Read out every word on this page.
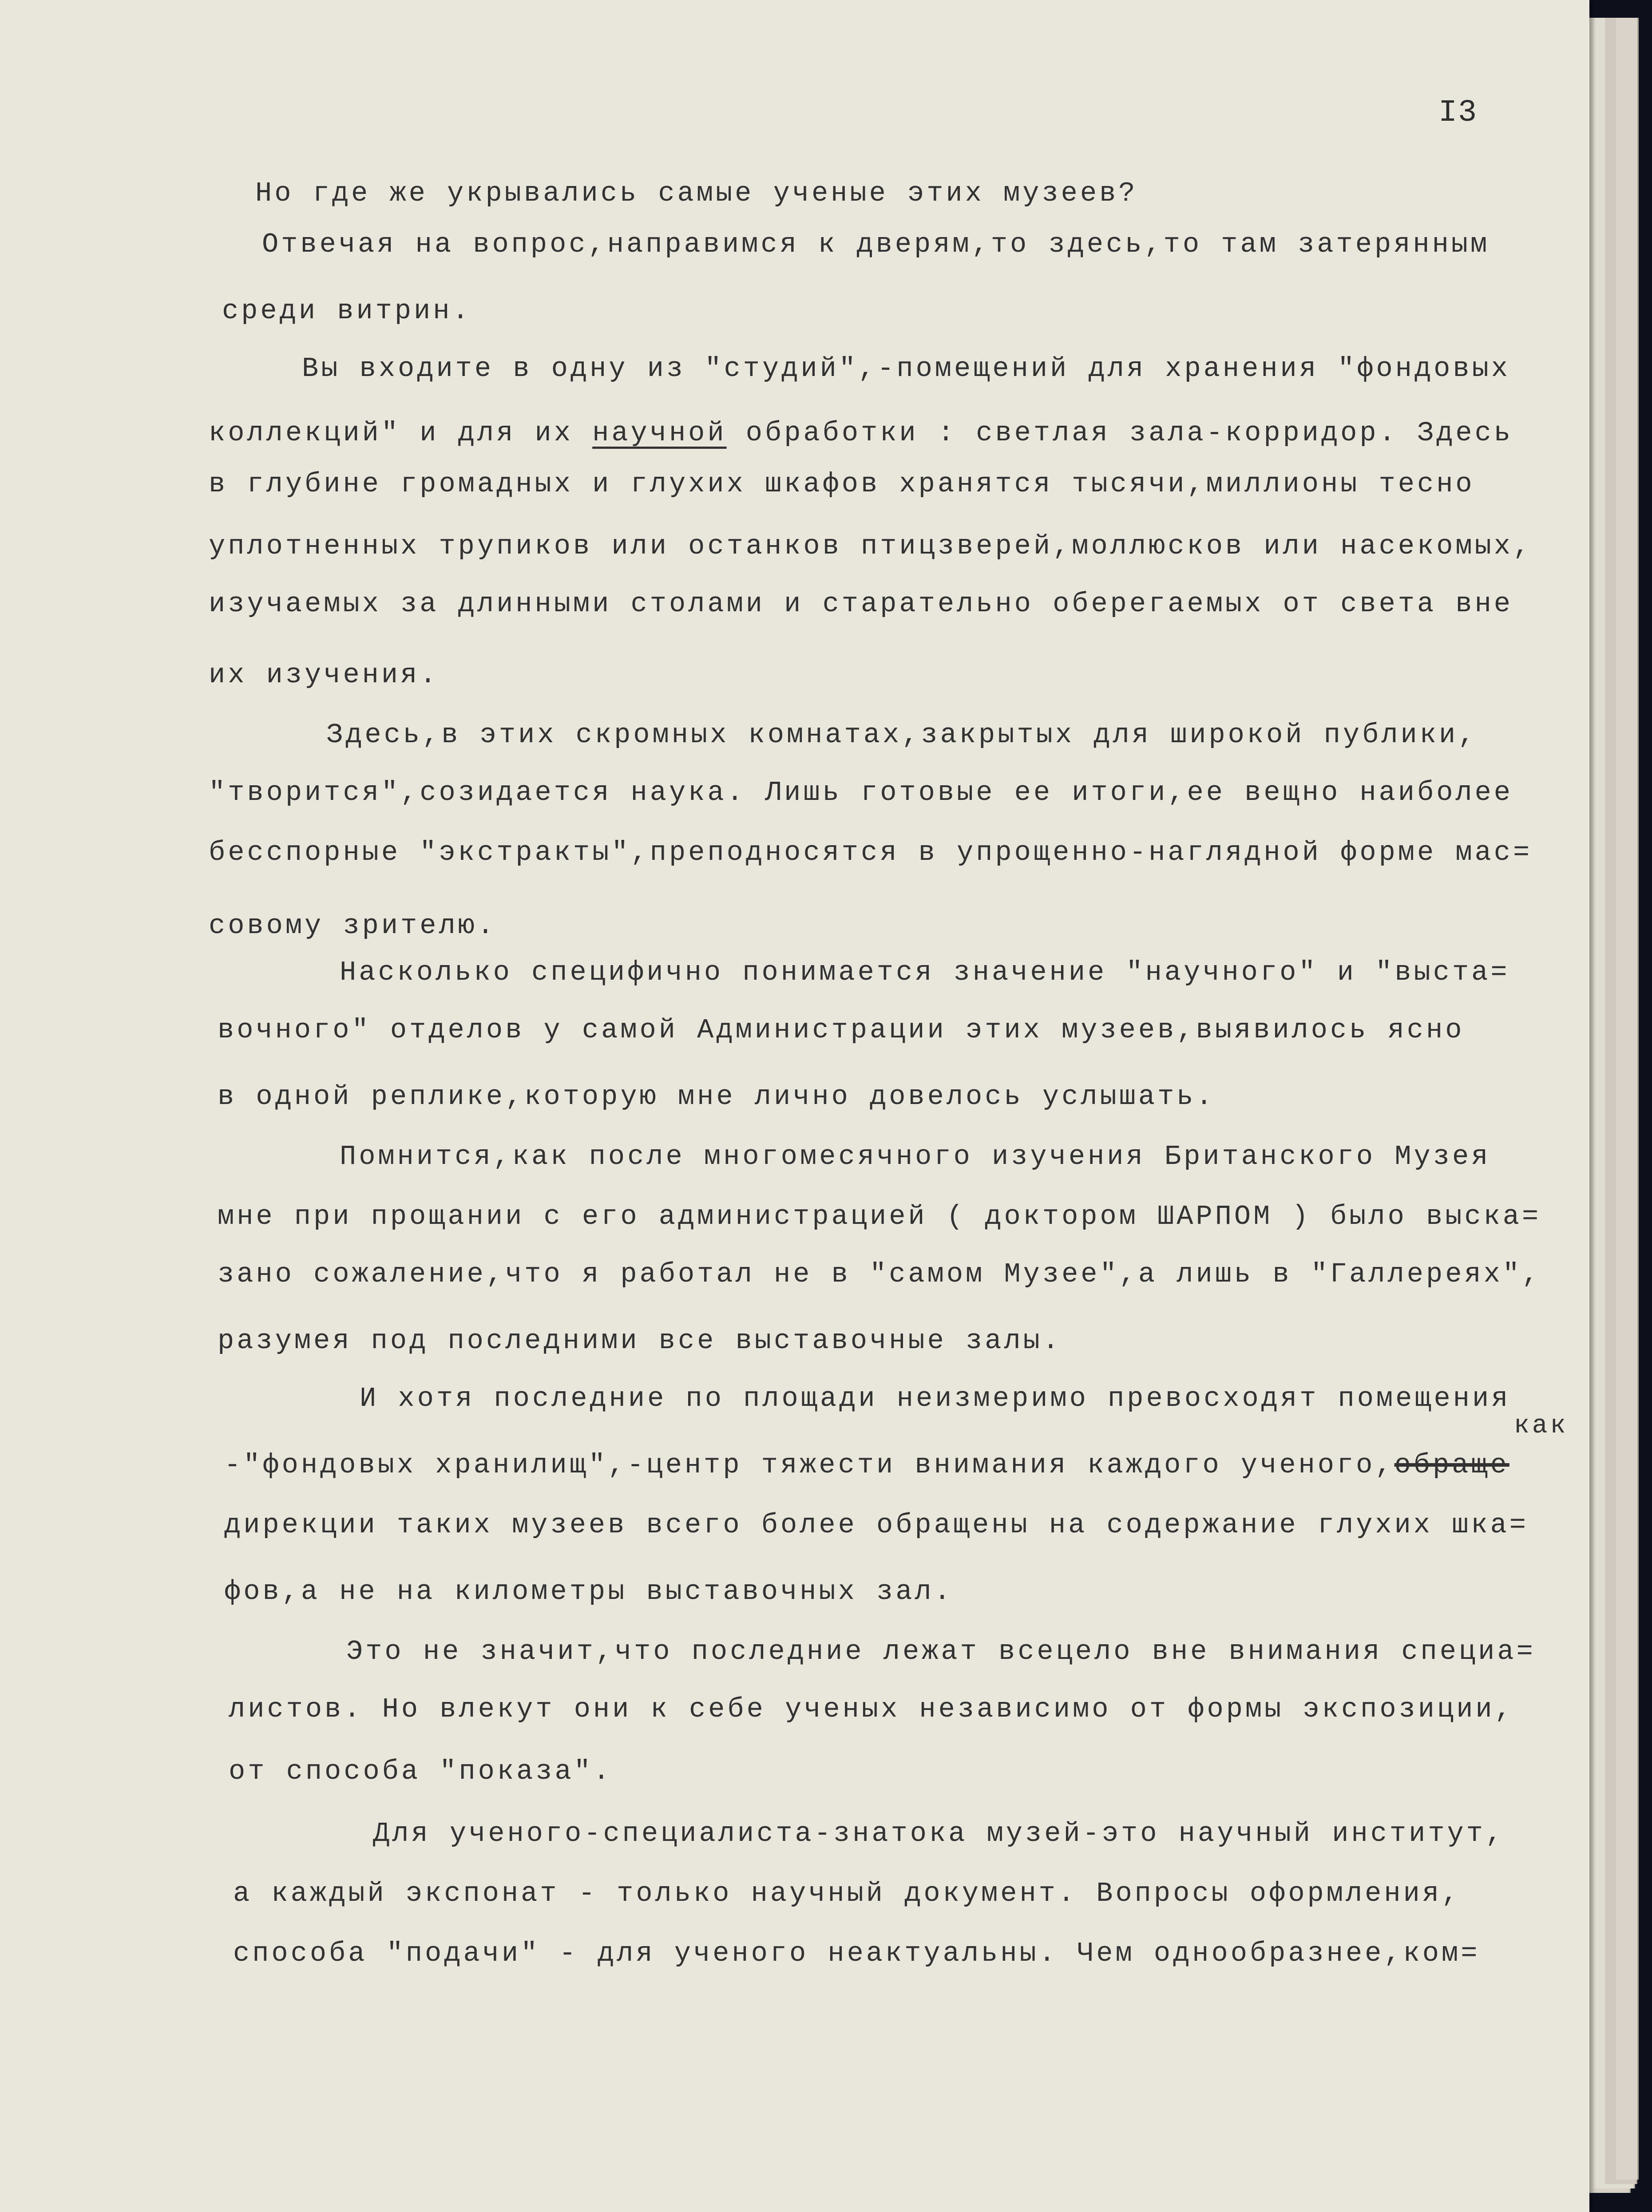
I3
Но где же укрывались самые ученые этих музеев?
Отвечая на вопрос,направимся к дверям,то здесь,то там затерянным
среди витрин.
Вы входите в одну из "студий",-помещений для хранения "фондовых
коллекций" и для их научной обработки : светлая зала-корридор. Здесь
в глубине громадных и глухих шкафов хранятся тысячи,миллионы тесно
уплотненных трупиков или останков птицзверей,моллюсков или насекомых,
изучаемых за длинными столами и старательно оберегаемых от света вне
их изучения.
Здесь,в этих скромных комнатах,закрытых для широкой публики,
"творится",созидается наука. Лишь готовые ее итоги,ее вещно наиболее
бесспорные "экстракты",преподносятся в упрощенно-наглядной форме мас=
совому зрителю.
Насколько специфично понимается значение "научного" и "выста=
вочного" отделов у самой Администрации этих музеев,выявилось ясно
в одной реплике,которую мне лично довелось услышать.
Помнится,как после многомесячного изучения Британского Музея
мне при прощании с его администрацией ( доктором ШАРПОМ ) было выска=
зано сожаление,что я работал не в "самом Музее",а лишь в "Галлереях",
разумея под последними все выставочные залы.
И хотя последние по площади неизмеримо превосходят помещения
как
-"фондовых хранилищ",-центр тяжести внимания каждого ученого,обраще
дирекции таких музеев всего более обращены на содержание глухих шка=
фов,а не на километры выставочных зал.
Это не значит,что последние лежат всецело вне внимания специа=
листов. Но влекут они к себе ученых независимо от формы экспозиции,
от способа "показа".
Для ученого-специалиста-знатока музей-это научный институт,
а каждый экспонат - только научный документ. Вопросы оформления,
способа "подачи" - для ученого неактуальны. Чем однообразнее,ком=
